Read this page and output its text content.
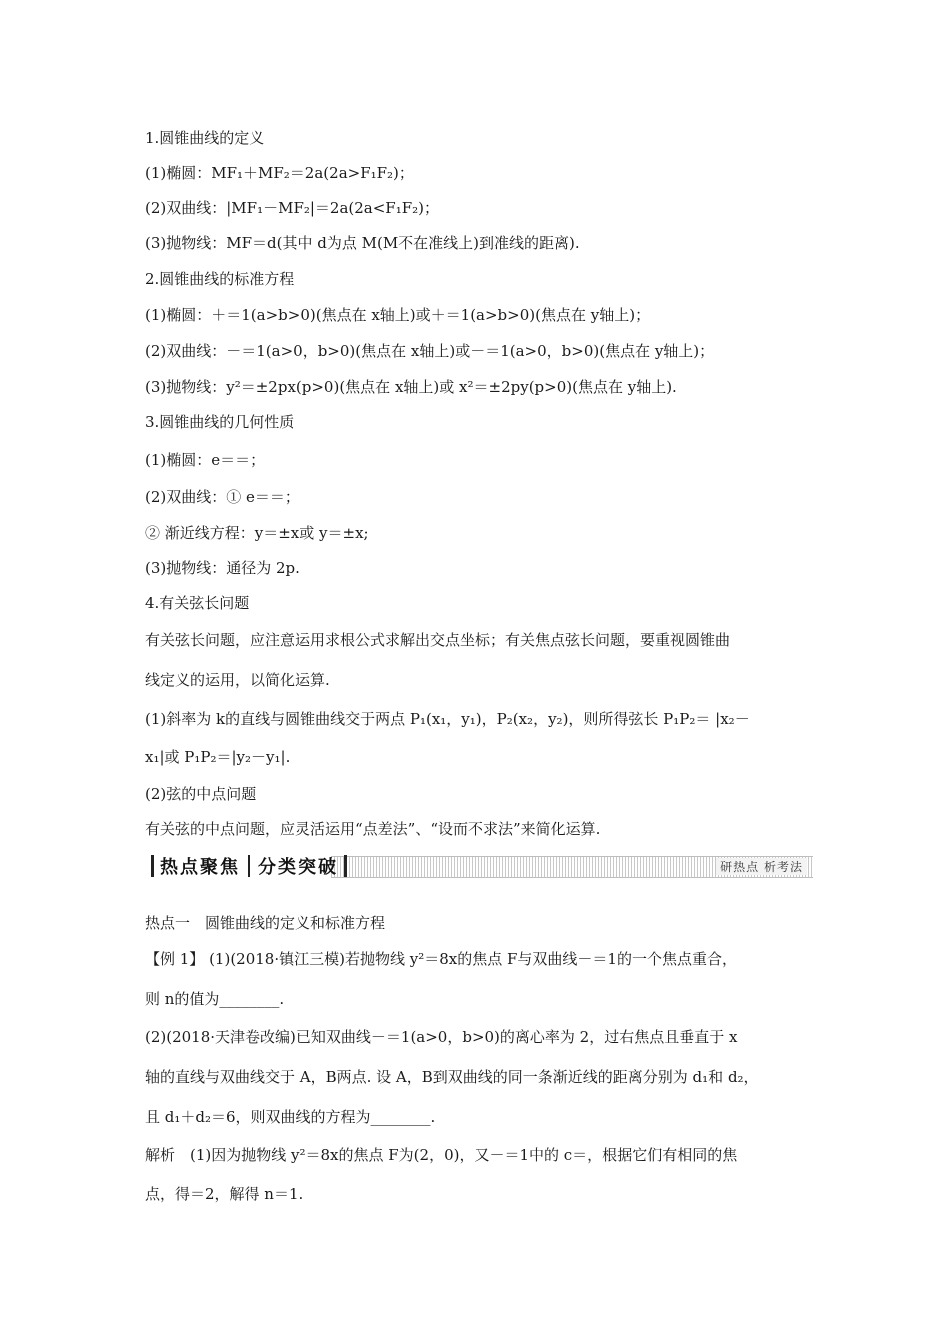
1.圆锥曲线的定义
(1)椭圆：MF₁＋MF₂＝2a(2a>F₁F₂)；
(2)双曲线：|MF₁－MF₂|＝2a(2a<F₁F₂)；
(3)抛物线：MF＝d(其中 d为点 M(M不在准线上)到准线的距离).
2.圆锥曲线的标准方程
(1)椭圆：＋＝1(a>b>0)(焦点在 x轴上)或＋＝1(a>b>0)(焦点在 y轴上)；
(2)双曲线：－＝1(a>0，b>0)(焦点在 x轴上)或－＝1(a>0，b>0)(焦点在 y轴上)；
(3)抛物线：y²＝±2px(p>0)(焦点在 x轴上)或 x²＝±2py(p>0)(焦点在 y轴上).
3.圆锥曲线的几何性质
(1)椭圆：e＝＝；
(2)双曲线：① e＝＝；
② 渐近线方程：y＝±x或 y＝±x;
(3)抛物线：通径为 2p.
4.有关弦长问题
有关弦长问题，应注意运用求根公式求解出交点坐标；有关焦点弦长问题，要重视圆锥曲
线定义的运用，以简化运算.
(1)斜率为 k的直线与圆锥曲线交于两点 P₁(x₁，y₁)，P₂(x₂，y₂)，则所得弦长 P₁P₂＝ |x₂－
x₁|或 P₁P₂＝|y₂－y₁|.
(2)弦的中点问题
有关弦的中点问题，应灵活运用“点差法”、“设而不求法”来简化运算.
热点聚焦 分类突破	研热点 析考法
热点一　圆锥曲线的定义和标准方程
【例 1】 (1)(2018·镇江三模)若抛物线 y²＝8x的焦点 F与双曲线－＝1的一个焦点重合，
则 n的值为________.
(2)(2018·天津卷改编)已知双曲线－＝1(a>0，b>0)的离心率为 2，过右焦点且垂直于 x
轴的直线与双曲线交于 A，B两点. 设 A，B到双曲线的同一条渐近线的距离分别为 d₁和 d₂，
且 d₁＋d₂＝6，则双曲线的方程为________.
解析　(1)因为抛物线 y²＝8x的焦点 F为(2，0)，又－＝1中的 c＝，根据它们有相同的焦
点，得＝2，解得 n＝1.
